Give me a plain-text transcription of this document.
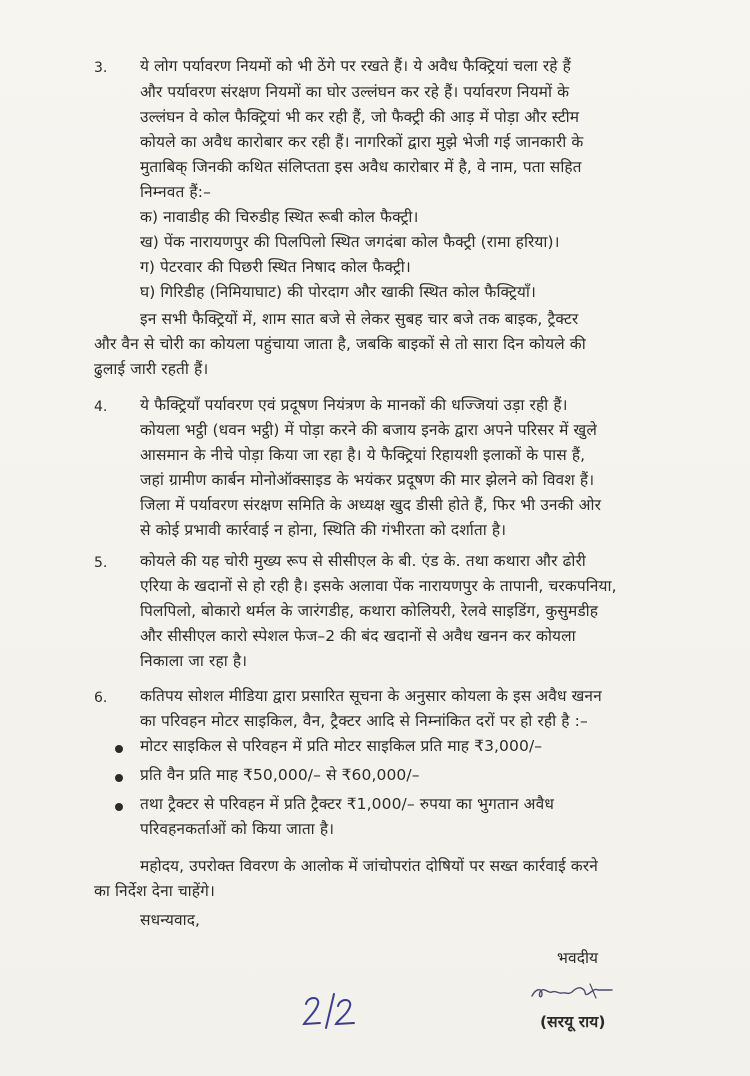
3. ये लोग पर्यावरण नियमों को भी ठेंगे पर रखते हैं। ये अवैध फैक्ट्रियां चला रहे हैं
और पर्यावरण संरक्षण नियमों का घोर उल्लंघन कर रहे हैं। पर्यावरण नियमों के
उल्लंघन वे कोल फैक्ट्रियां भी कर रही हैं, जो फैक्ट्री की आड़ में पोड़ा और स्टीम
कोयले का अवैध कारोबार कर रही हैं। नागरिकों द्वारा मुझे भेजी गई जानकारी के
मुताबिक् जिनकी कथित संलिप्तता इस अवैध कारोबार में है, वे नाम, पता सहित
निम्नवत हैं:–
क) नावाडीह की चिरुडीह स्थित रूबी कोल फैक्ट्री।
ख) पेंक नारायणपुर की पिलपिलो स्थित जगदंबा कोल फैक्ट्री (रामा हरिया)।
ग) पेटरवार की पिछरी स्थित निषाद कोल फैक्ट्री।
घ) गिरिडीह (निमियाघाट) की पोरदाग और खाकी स्थित कोल फैक्ट्रियाँ।
इन सभी फैक्ट्रियों में, शाम सात बजे से लेकर सुबह चार बजे तक बाइक, ट्रैक्टर
और वैन से चोरी का कोयला पहुंचाया जाता है, जबकि बाइकों से तो सारा दिन कोयले की
ढुलाई जारी रहती हैं।
4. ये फैक्ट्रियाँ पर्यावरण एवं प्रदूषण नियंत्रण के मानकों की धज्जियां उड़ा रही हैं।
कोयला भट्ठी (धवन भट्ठी) में पोड़ा करने की बजाय इनके द्वारा अपने परिसर में खुले
आसमान के नीचे पोड़ा किया जा रहा है। ये फैक्ट्रियां रिहायशी इलाकों के पास हैं,
जहां ग्रामीण कार्बन मोनोऑक्साइड के भयंकर प्रदूषण की मार झेलने को विवश हैं।
जिला में पर्यावरण संरक्षण समिति के अध्यक्ष खुद डीसी होते हैं, फिर भी उनकी ओर
से कोई प्रभावी कार्रवाई न होना, स्थिति की गंभीरता को दर्शाता है।
5. कोयले की यह चोरी मुख्य रूप से सीसीएल के बी. एंड के. तथा कथारा और ढोरी
एरिया के खदानों से हो रही है। इसके अलावा पेंक नारायणपुर के तापानी, चरकपनिया,
पिलपिलो, बोकारो थर्मल के जारंगडीह, कथारा कोलियरी, रेलवे साइडिंग, कुसुमडीह
और सीसीएल कारो स्पेशल फेज–2 की बंद खदानों से अवैध खनन कर कोयला
निकाला जा रहा है।
6. कतिपय सोशल मीडिया द्वारा प्रसारित सूचना के अनुसार कोयला के इस अवैध खनन
का परिवहन मोटर साइकिल, वैन, ट्रैक्टर आदि से निम्नांकित दरों पर हो रही है :–
मोटर साइकिल से परिवहन में प्रति मोटर साइकिल प्रति माह ₹3,000/–
प्रति वैन प्रति माह ₹50,000/– से ₹60,000/–
तथा ट्रैक्टर से परिवहन में प्रति ट्रैक्टर ₹1,000/– रुपया का भुगतान अवैध
परिवहनकर्ताओं को किया जाता है।
महोदय, उपरोक्त विवरण के आलोक में जांचोपरांत दोषियों पर सख्त कार्रवाई करने
का निर्देश देना चाहेंगे।
सधन्यवाद,
भवदीय
(सरयू राय)
